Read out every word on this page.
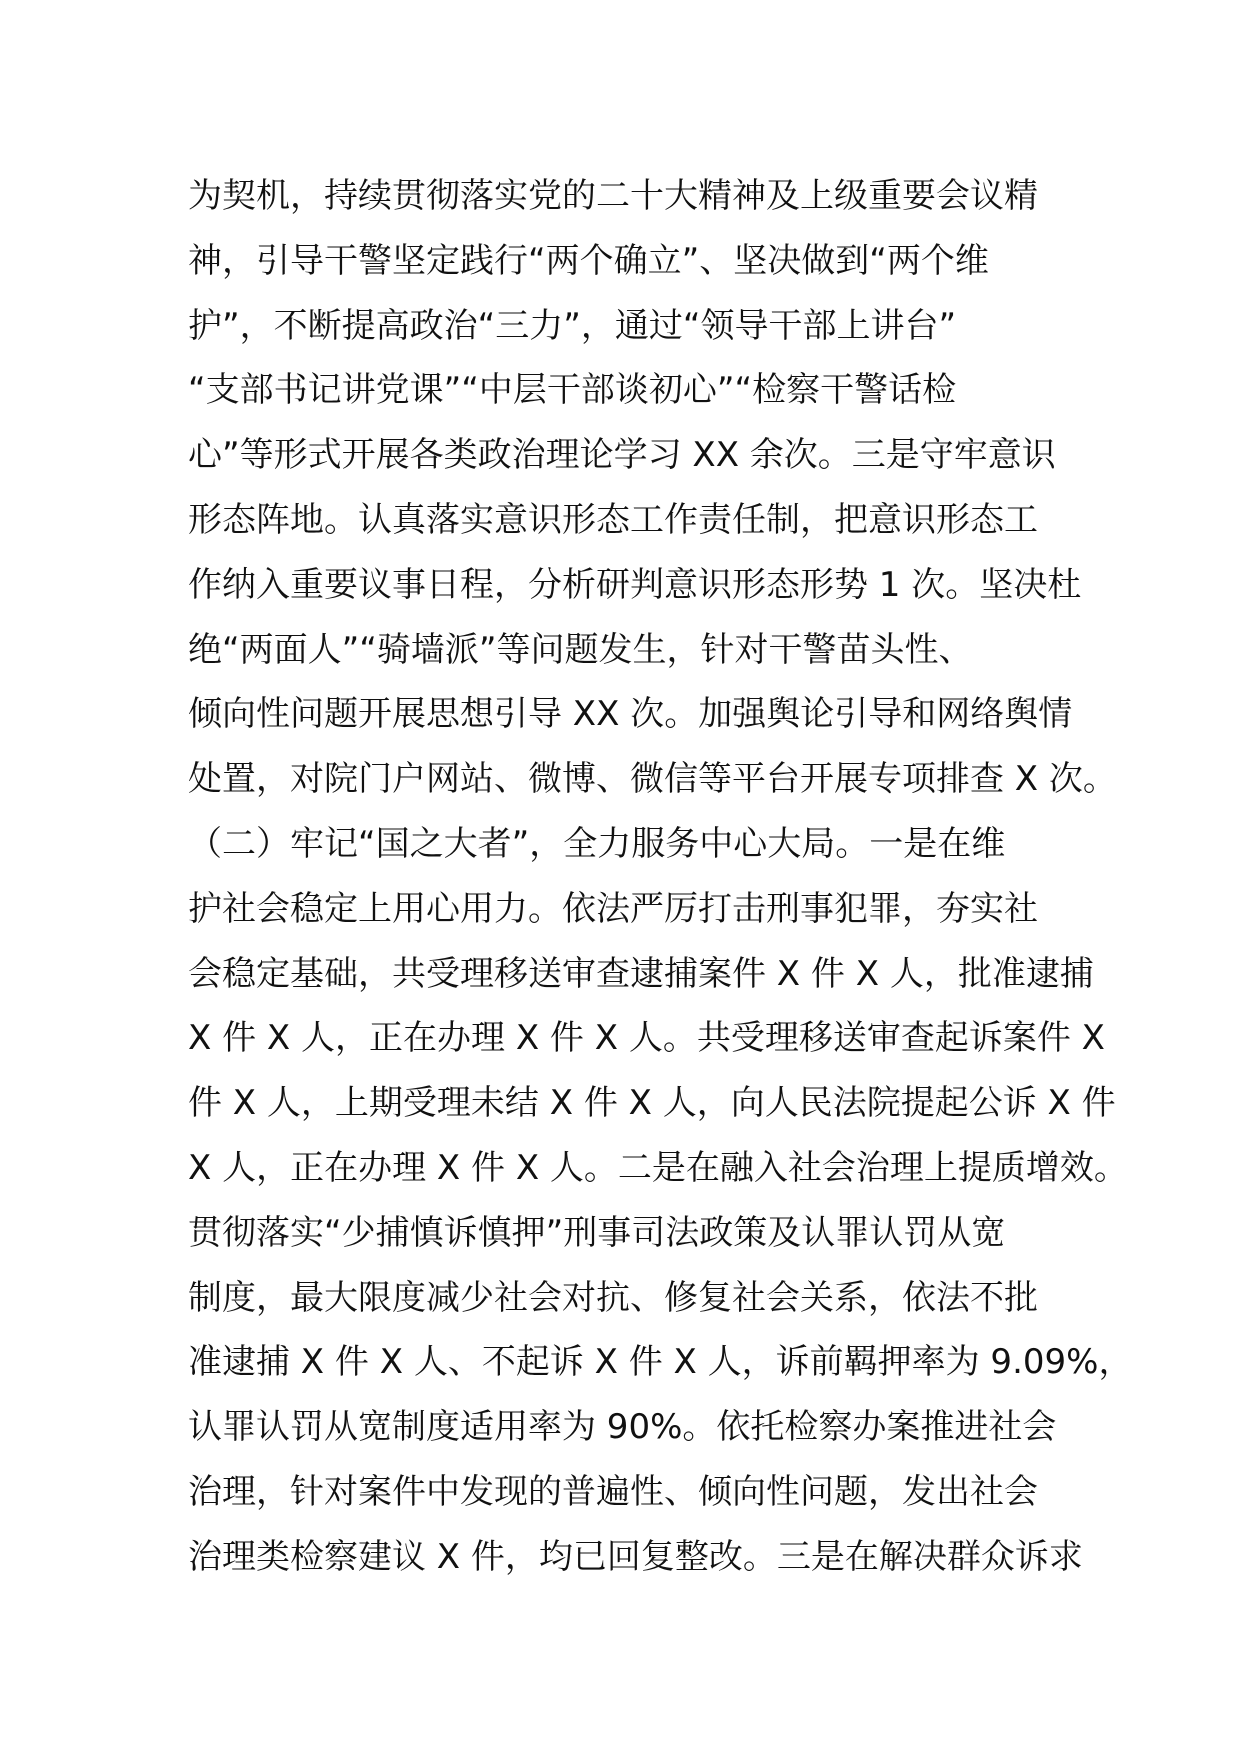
为契机，持续贯彻落实党的二十大精神及上级重要会议精
神，引导干警坚定践行“两个确立”、坚决做到“两个维
护”，不断提高政治“三力”，通过“领导干部上讲台”
“支部书记讲党课”“中层干部谈初心”“检察干警话检
心”等形式开展各类政治理论学习 XX 余次。三是守牢意识
形态阵地。认真落实意识形态工作责任制，把意识形态工
作纳入重要议事日程，分析研判意识形态形势 1 次。坚决杜
绝“两面人”“骑墙派”等问题发生，针对干警苗头性、
倾向性问题开展思想引导 XX 次。加强舆论引导和网络舆情
处置，对院门户网站、微博、微信等平台开展专项排查 X 次。
（二）牢记“国之大者”，全力服务中心大局。一是在维
护社会稳定上用心用力。依法严厉打击刑事犯罪，夯实社
会稳定基础，共受理移送审查逮捕案件 X 件 X 人，批准逮捕
X 件 X 人，正在办理 X 件 X 人。共受理移送审查起诉案件 X
件 X 人，上期受理未结 X 件 X 人，向人民法院提起公诉 X 件
X 人，正在办理 X 件 X 人。二是在融入社会治理上提质增效。
贯彻落实“少捕慎诉慎押”刑事司法政策及认罪认罚从宽
制度，最大限度减少社会对抗、修复社会关系，依法不批
准逮捕 X 件 X 人、不起诉 X 件 X 人，诉前羁押率为 9.09%，
认罪认罚从宽制度适用率为 90%。依托检察办案推进社会
治理，针对案件中发现的普遍性、倾向性问题，发出社会
治理类检察建议 X 件，均已回复整改。三是在解决群众诉求
